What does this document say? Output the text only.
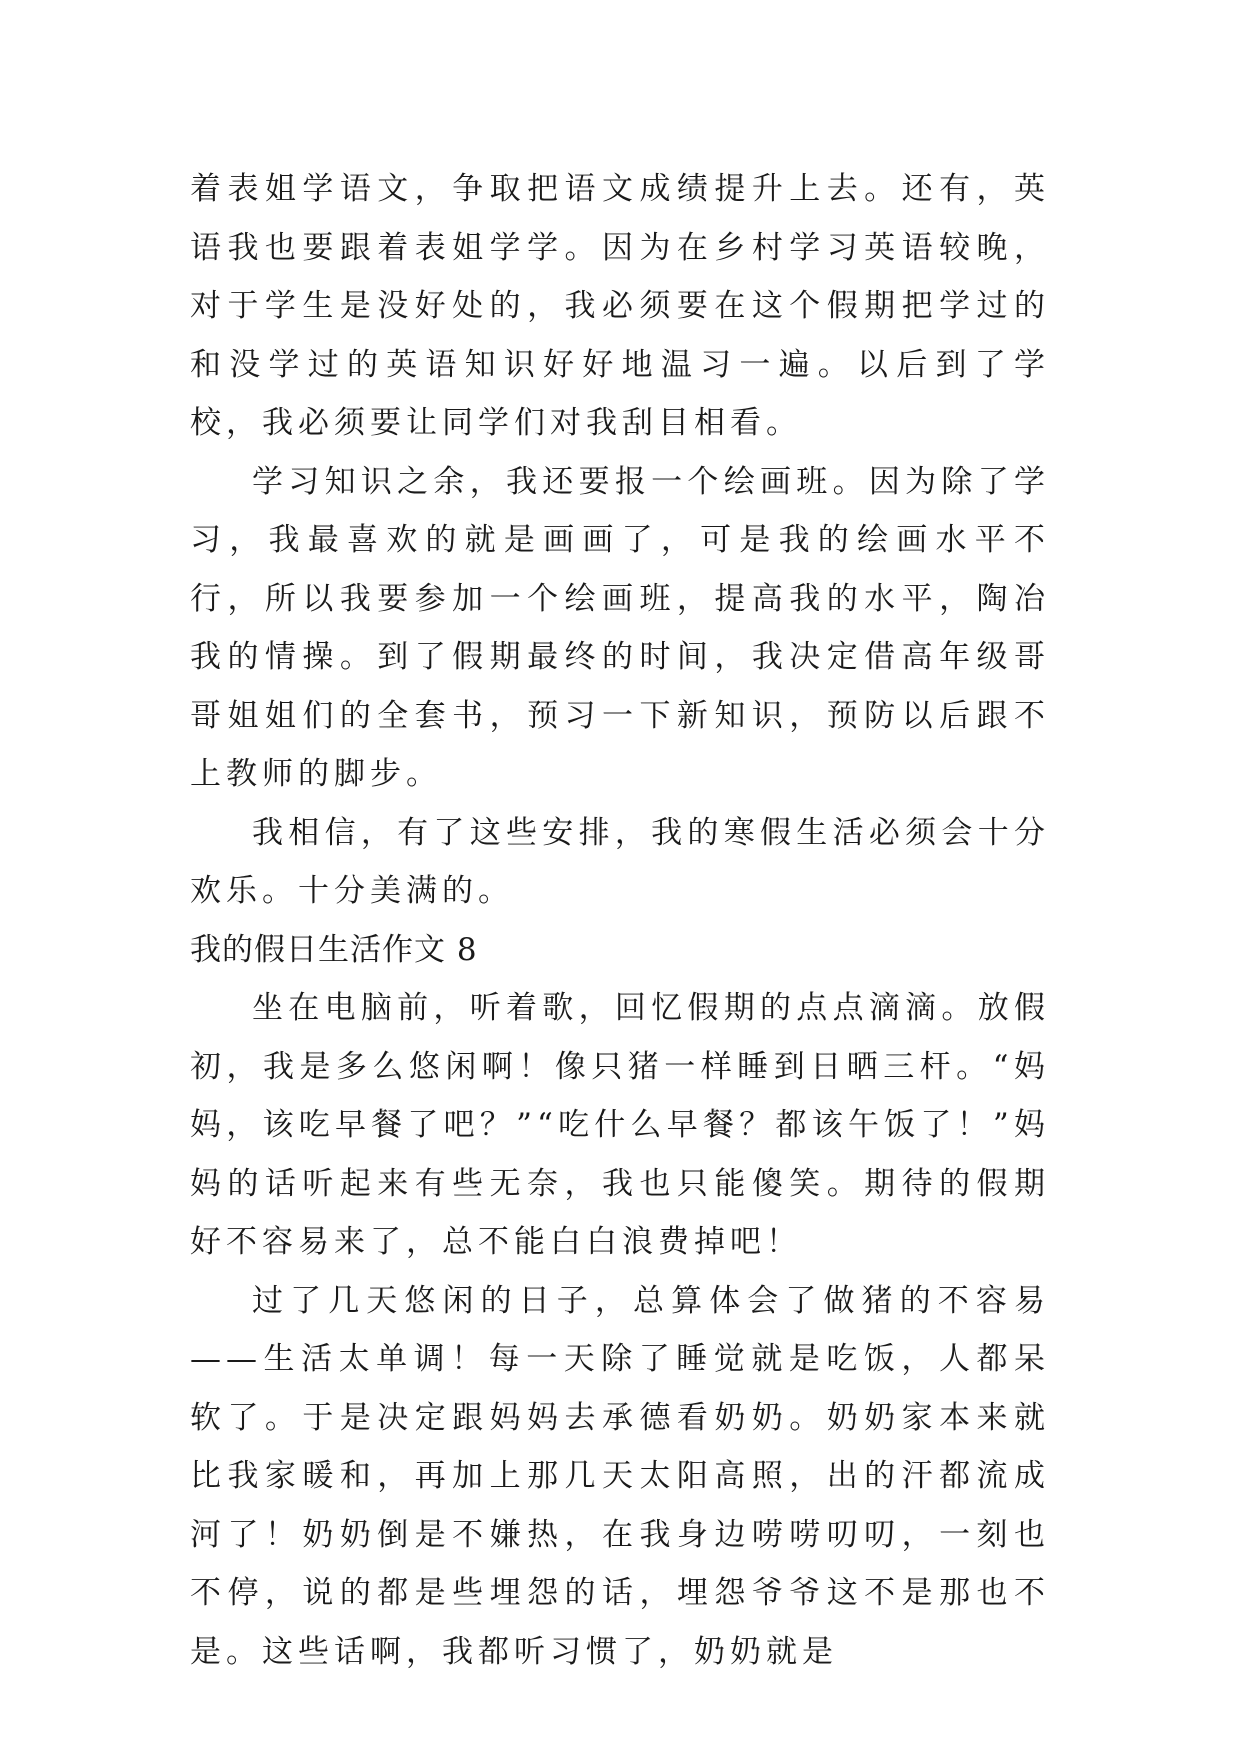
着表姐学语文，争取把语文成绩提升上去。还有，英语我也要跟着表姐学学。因为在乡村学习英语较晚，对于学生是没好处的，我必须要在这个假期把学过的和没学过的英语知识好好地温习一遍。以后到了学校，我必须要让同学们对我刮目相看。

学习知识之余，我还要报一个绘画班。因为除了学习，我最喜欢的就是画画了，可是我的绘画水平不行，所以我要参加一个绘画班，提高我的水平，陶冶我的情操。到了假期最终的时间，我决定借高年级哥哥姐姐们的全套书，预习一下新知识，预防以后跟不上教师的脚步。

我相信，有了这些安排，我的寒假生活必须会十分欢乐。十分美满的。

我的假日生活作文 8

坐在电脑前，听着歌，回忆假期的点点滴滴。放假初，我是多么悠闲啊！像只猪一样睡到日晒三杆。“妈妈，该吃早餐了吧？”“吃什么早餐？都该午饭了！”妈妈的话听起来有些无奈，我也只能傻笑。期待的假期好不容易来了，总不能白白浪费掉吧！

过了几天悠闲的日子，总算体会了做猪的不容易——生活太单调！每一天除了睡觉就是吃饭，人都呆软了。于是决定跟妈妈去承德看奶奶。奶奶家本来就比我家暖和，再加上那几天太阳高照，出的汗都流成河了！奶奶倒是不嫌热，在我身边唠唠叨叨，一刻也不停，说的都是些埋怨的话，埋怨爷爷这不是那也不是。这些话啊，我都听习惯了，奶奶就是
